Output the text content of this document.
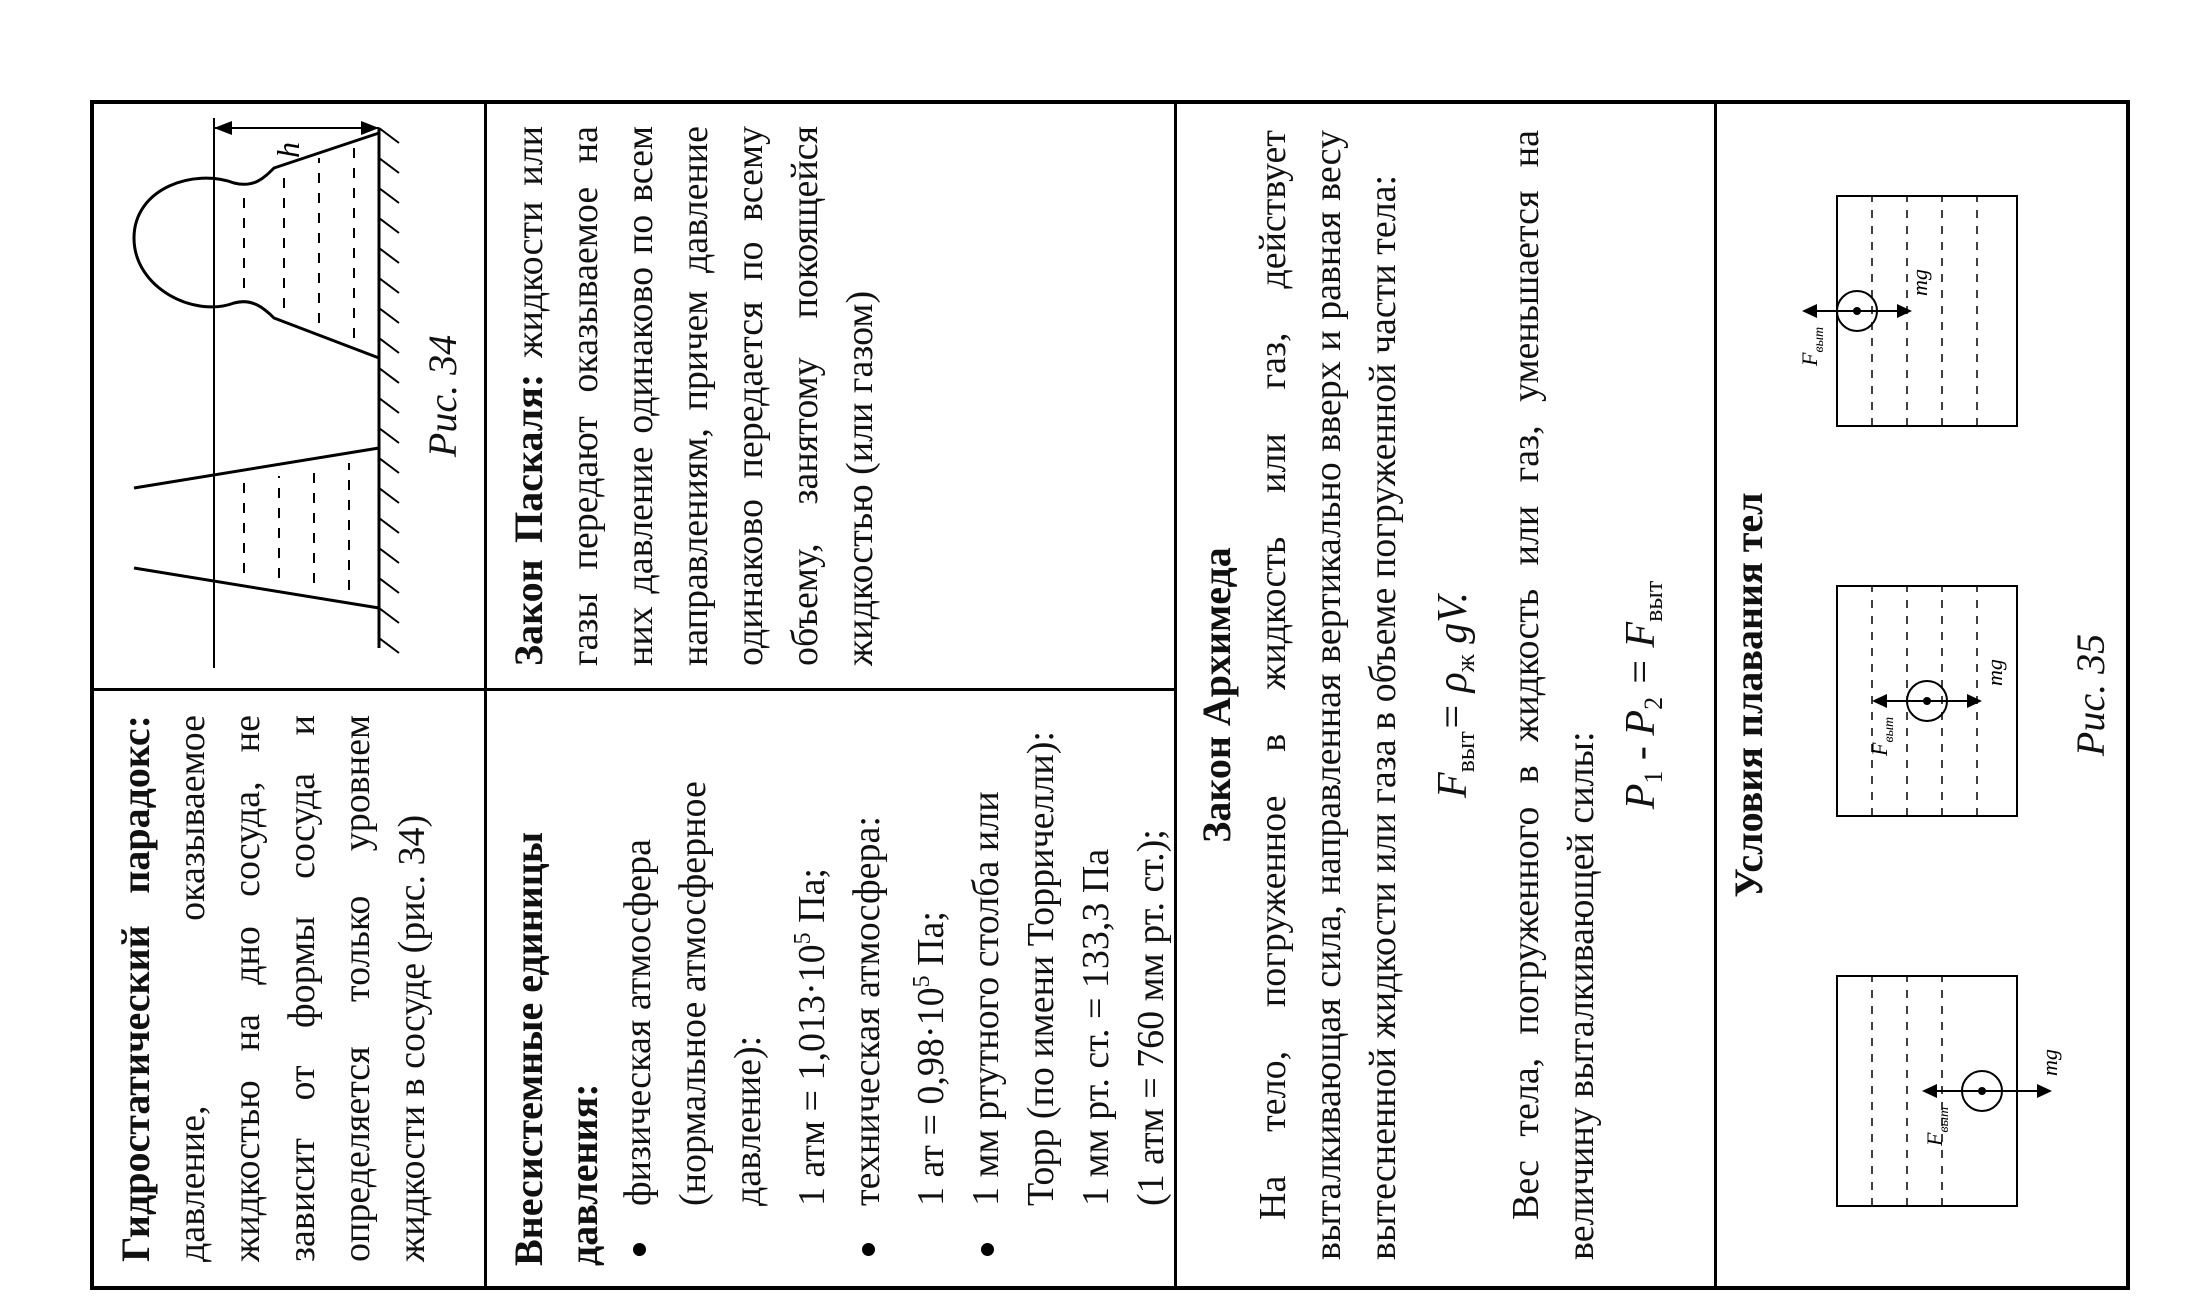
Гидростатический парадокс: давление, оказываемое жидкостью на дно сосуда, не зависит от формы сосуда и определяется только уровнем жидкости в сосуде (рис. 34)
h
Рис. 34
Внесистемные единицы давления: физическая атмосфера (нормальное атмосферное давление): 1 атм = $1,013\cdot 10^5$ Па; техническая атмосфера: 1 ат = $0,98\cdot 10^5$ Па; 1 мм ртутного столба или Торр (по имени Торричелли): 1 мм рт. ст. = 133,3 Па (1 атм = 760 мм рт. ст.);
Закон Паскаля: жидкости или газы передают оказываемое на них давление одинаково по всем направлениям, причем давление одинаково передается по всему объему, занятому покоящейся жидкостью (или газом)
Закон Архимеда На тело, погруженное в жидкость или газ, действует выталкивающая сила, направленная вертикально вверх и равная весу вытесненной жидкости или газа в объеме погруженной части тела: $F_{выт}= \rho_ж$ gV. Вес тела, погруженного в жидкость или газ, уменьшается на величину выталкивающей силы: $P_1 - P_2 = F_{выт}$ Условия плавания тел
$F_{выт}$
mg
$F_{выт}$
mg
$F_{выт}$
mg
Рис. 35
